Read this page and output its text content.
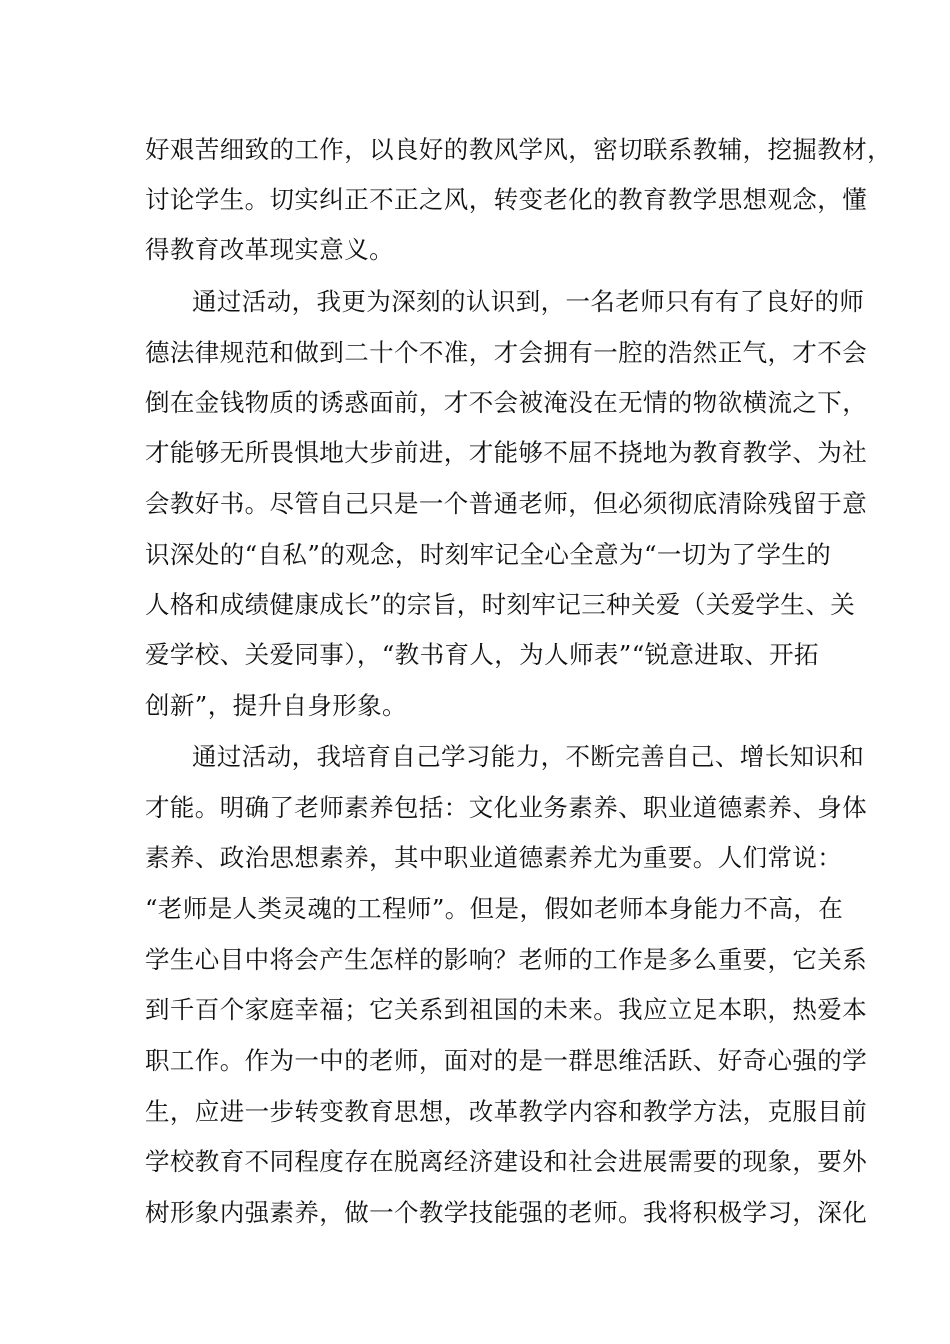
好艰苦细致的工作，以良好的教风学风，密切联系教辅，挖掘教材，
讨论学生。切实纠正不正之风，转变老化的教育教学思想观念，懂
得教育改革现实意义。
通过活动，我更为深刻的认识到，一名老师只有有了良好的师
德法律规范和做到二十个不准，才会拥有一腔的浩然正气，才不会
倒在金钱物质的诱惑面前，才不会被淹没在无情的物欲横流之下，
才能够无所畏惧地大步前进，才能够不屈不挠地为教育教学、为社
会教好书。尽管自己只是一个普通老师，但必须彻底清除残留于意
识深处的“自私”的观念，时刻牢记全心全意为“一切为了学生的
人格和成绩健康成长”的宗旨，时刻牢记三种关爱（关爱学生、关
爱学校、关爱同事），“教书育人，为人师表”“锐意进取、开拓
创新”，提升自身形象。
通过活动，我培育自己学习能力，不断完善自己、增长知识和
才能。明确了老师素养包括：文化业务素养、职业道德素养、身体
素养、政治思想素养，其中职业道德素养尤为重要。人们常说：
“老师是人类灵魂的工程师”。但是，假如老师本身能力不高，在
学生心目中将会产生怎样的影响？老师的工作是多么重要，它关系
到千百个家庭幸福；它关系到祖国的未来。我应立足本职，热爱本
职工作。作为一中的老师，面对的是一群思维活跃、好奇心强的学
生，应进一步转变教育思想，改革教学内容和教学方法，克服目前
学校教育不同程度存在脱离经济建设和社会进展需要的现象，要外
树形象内强素养，做一个教学技能强的老师。我将积极学习，深化
